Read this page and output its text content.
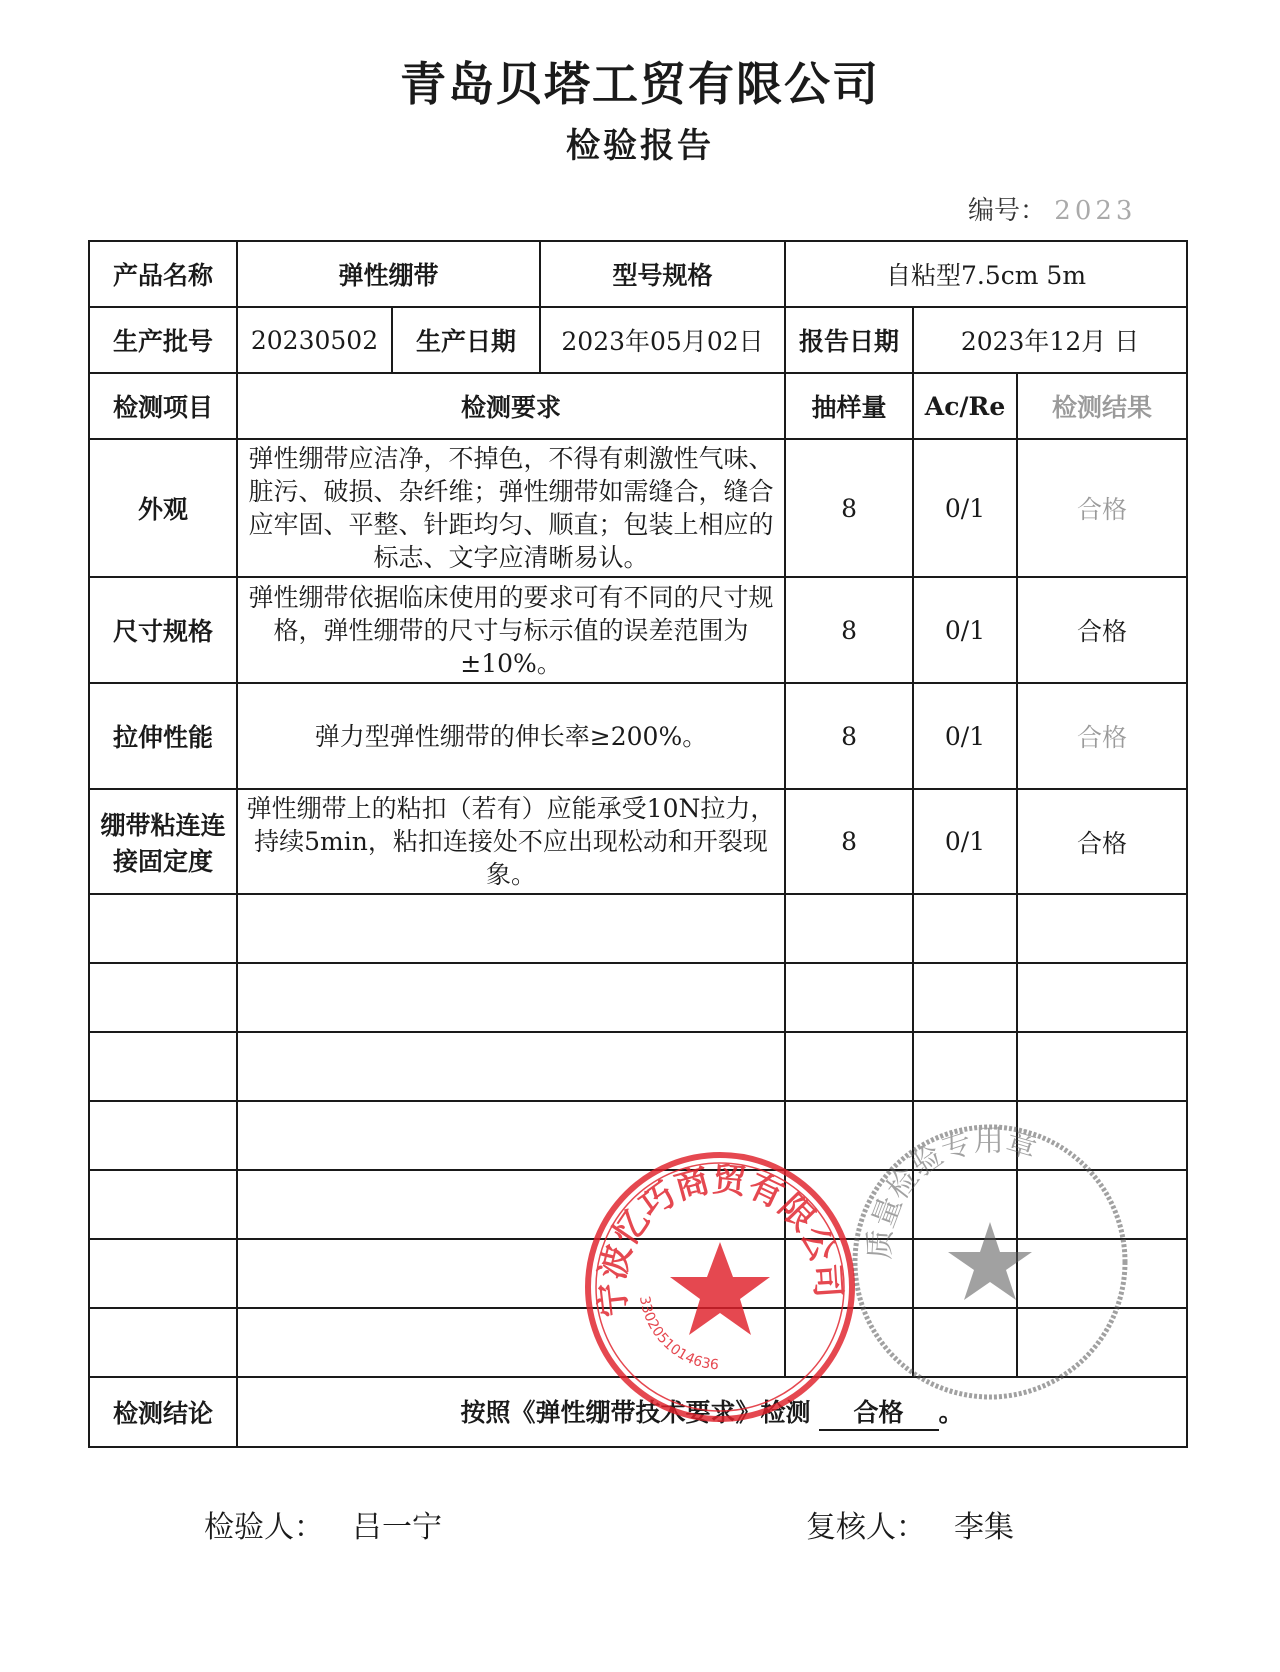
青岛贝塔工贸有限公司
检验报告
编号： 2023
产品名称	弹性绷带		型号规格	自粘型7.5cm 5m		
生产批号	20230502	生产日期	2023年05月02日	报告日期	2023年12月 日	
检测项目	检测要求			抽样量	Ac/Re	检测结果
外观	弹性绷带应洁净，不掉色，不得有刺激性气味、脏污、破损、杂纤维；弹性绷带如需缝合，缝合应牢固、平整、针距均匀、顺直；包装上相应的标志、文字应清晰易认。			8	0/1	合格
尺寸规格	弹性绷带依据临床使用的要求可有不同的尺寸规格，弹性绷带的尺寸与标示值的误差范围为±10%。			8	0/1	合格
拉伸性能	弹力型弹性绷带的伸长率≥200%。			8	0/1	合格
绷带粘连连接固定度	弹性绷带上的粘扣（若有）应能承受10N拉力，持续5min，粘扣连接处不应出现松动和开裂现象。			8	0/1	合格

检测结论	按照《弹性绷带技术要求》检测 合格 。					
质量检验专用章
宁波忆巧商贸有限公司
3302051014636
检验人： 吕一宁	复核人： 李集
